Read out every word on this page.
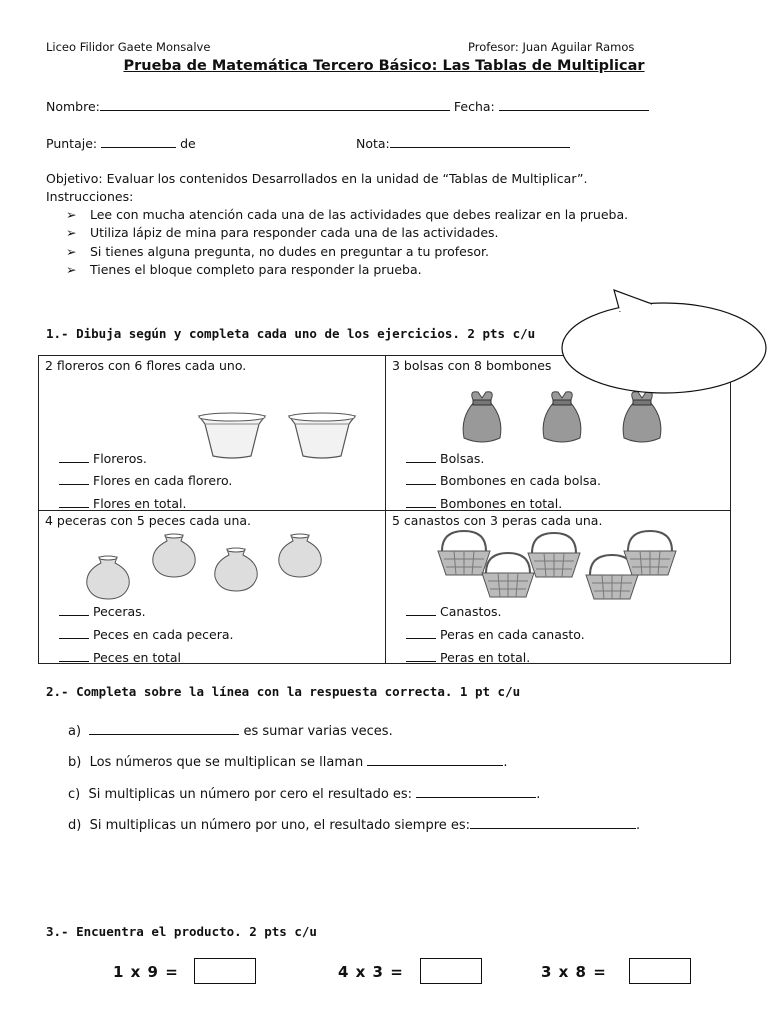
Liceo Filidor Gaete Monsalve	Profesor: Juan Aguilar Ramos
Prueba de Matemática Tercero Básico: Las Tablas de Multiplicar
Nombre:	Fecha:
Puntaje:	de	Nota:
Objetivo: Evaluar los contenidos Desarrollados en la unidad de “Tablas de Multiplicar”.
Instrucciones:
➢ Lee con mucha atención cada una de las actividades que debes realizar en la prueba.
➢ Utiliza lápiz de mina para responder cada una de las actividades.
➢ Si tienes alguna pregunta, no dudes en preguntar a tu profesor.
➢ Tienes el bloque completo para responder la prueba.
1.- Dibuja según y completa cada uno de los ejercicios. 2 pts c/u
2 floreros con 6 flores cada uno.
Floreros.
Flores en cada florero.
Flores en total.
3 bolsas con 8 bombones
Bolsas.
Bombones en cada bolsa.
Bombones en total.
4 peceras con 5 peces cada una.
Peceras.
Peces en cada pecera.
Peces en total
5 canastos con 3 peras cada una.
Canastos.
Peras en cada canasto.
Peras en total.
2.- Completa sobre la línea con la respuesta correcta. 1 pt c/u
a)	es sumar varias veces.
b) Los números que se multiplican se llaman	.
c) Si multiplicas un número por cero el resultado es:	.
d) Si multiplicas un número por uno, el resultado siempre es:	.
3.- Encuentra el producto. 2 pts c/u
1 x 9 =	4 x 3 =	3 x 8 =
